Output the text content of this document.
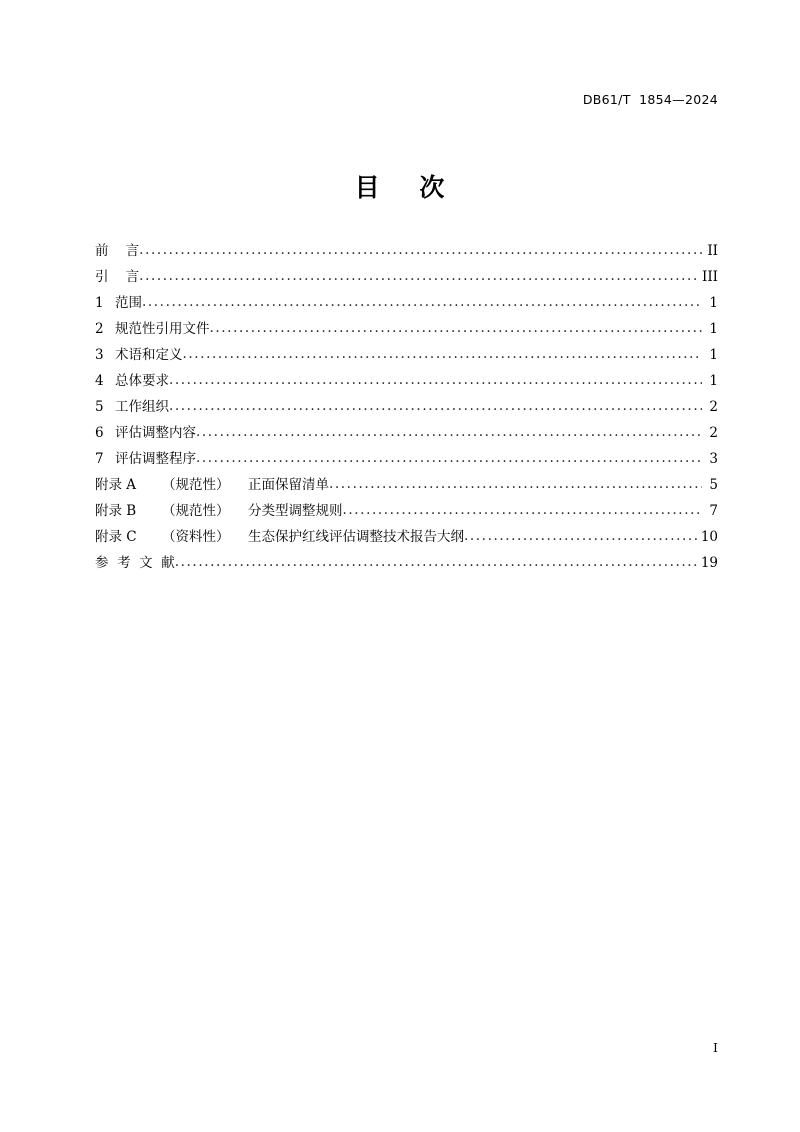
DB61/T  1854—2024
目    次
前    言 .....	II
引    言 .....	III
1 范围 .....	1
2 规范性引用文件 .....	1
3 术语和定义 .....	1
4 总体要求 .....	1
5 工作组织 .....	2
6 评估调整内容 .....	2
7 评估调整程序 .....	3
附录 A	（规范性）	正面保留清单 .....	5
附录 B	（规范性）	分类型调整规则 .....	7
附录 C	（资料性）	生态保护红线评估调整技术报告大纲 .....	10
参  考  文  献 .....	19
I
